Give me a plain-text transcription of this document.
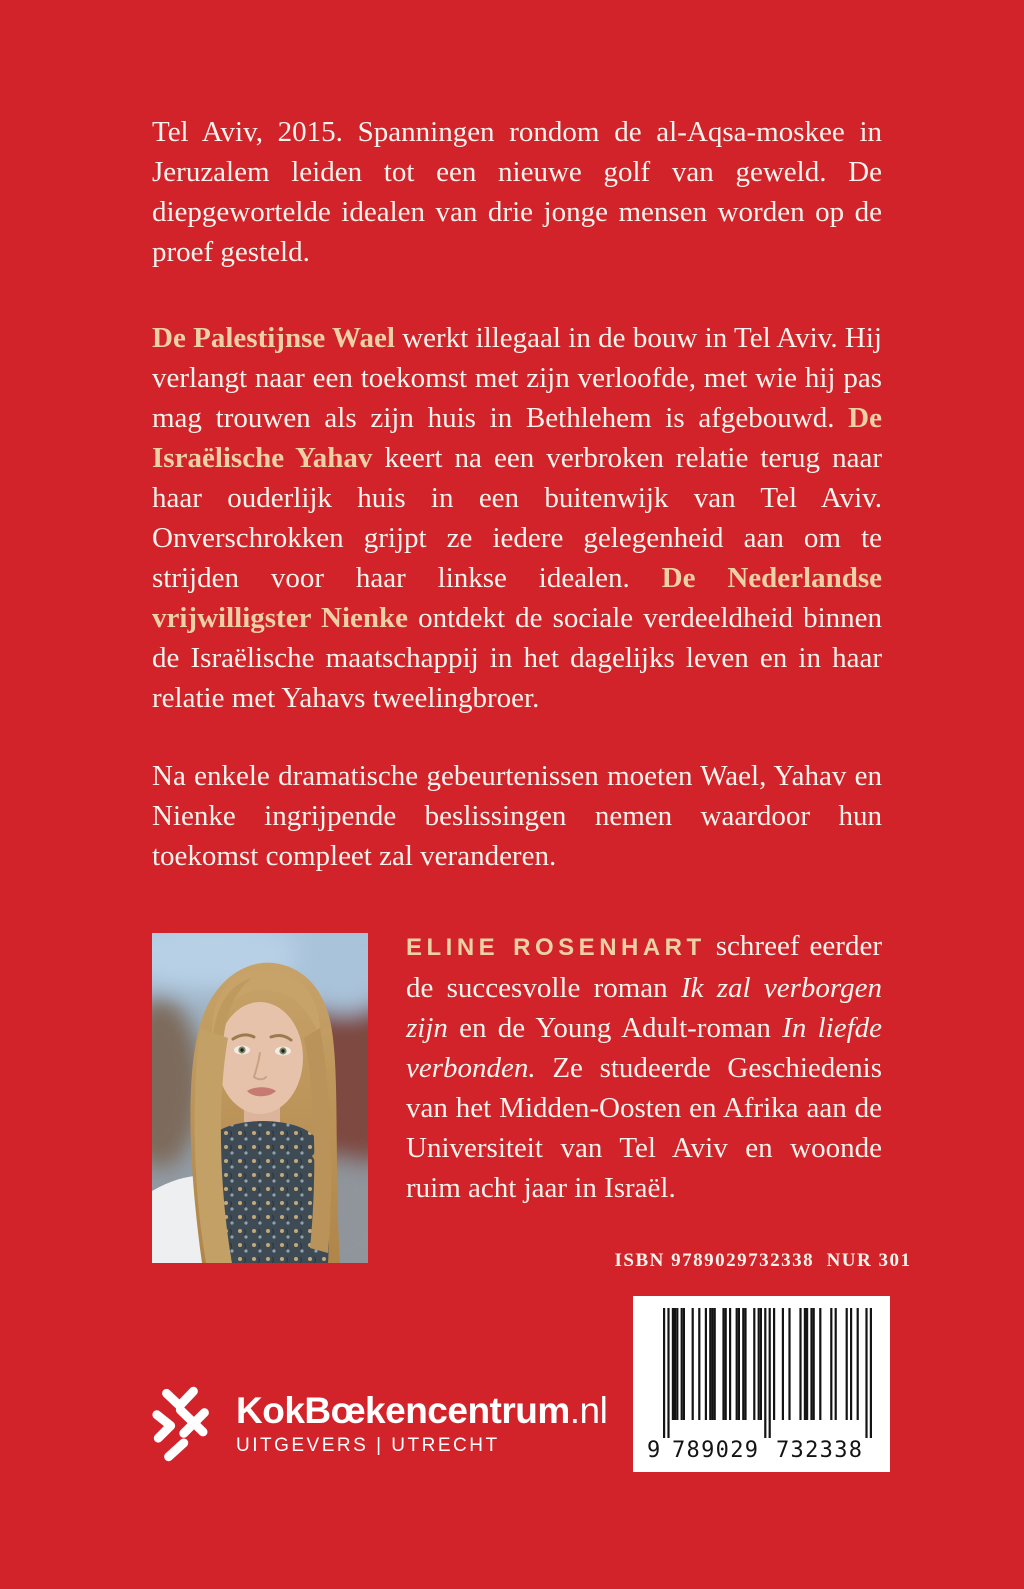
Tel Aviv, 2015. Spanningen rondom de al-Aqsa-moskee in Jeruzalem leiden tot een nieuwe golf van geweld. De diepgewortelde idealen van drie jonge mensen worden op de proef gesteld.

De Palestijnse Wael werkt illegaal in de bouw in Tel Aviv. Hij verlangt naar een toekomst met zijn verloofde, met wie hij pas mag trouwen als zijn huis in Bethlehem is afgebouwd. De Israëlische Yahav keert na een verbroken relatie terug naar haar ouderlijk huis in een buitenwijk van Tel Aviv. Onverschrokken grijpt ze iedere gelegenheid aan om te strijden voor haar linkse idealen. De Nederlandse vrijwilligster Nienke ontdekt de sociale verdeeldheid binnen de Israëlische maatschappij in het dagelijks leven en in haar relatie met Yahavs tweelingbroer.

Na enkele dramatische gebeurtenissen moeten Wael, Yahav en Nienke ingrijpende beslissingen nemen waardoor hun toekomst compleet zal veranderen.

ELINE ROSENHART schreef eerder de succesvolle roman Ik zal verborgen zijn en de Young Adult-roman In liefde verbonden. Ze studeerde Geschiedenis van het Midden-Oosten en Afrika aan de Universiteit van Tel Aviv en woonde ruim acht jaar in Israël.

ISBN 9789029732338  NUR 301
9 789029 732338
KokBœkencentrum.nl
UITGEVERS | UTRECHT
